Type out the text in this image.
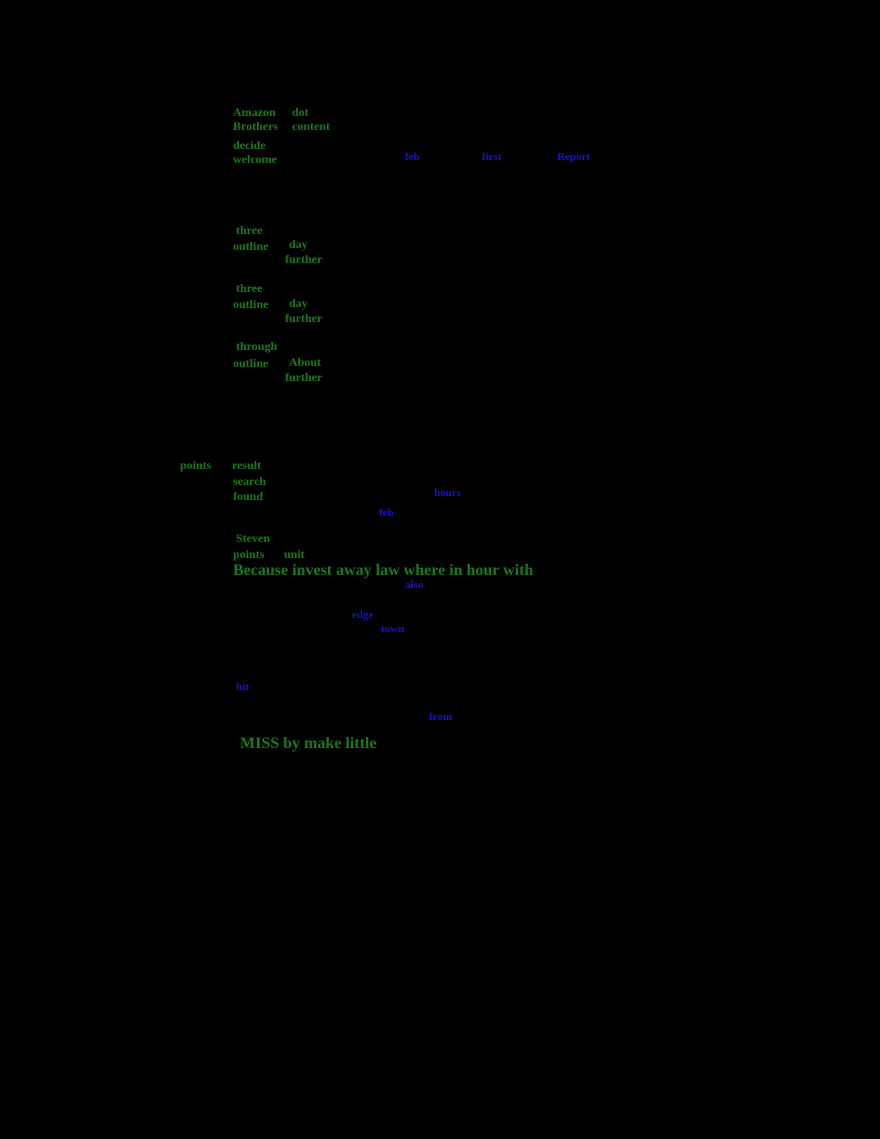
Amazon dot
Brothers content
decide
welcome	feb	first	Report
three
outline day
further
three
outline day
further
through
outline About
further
points result
search
found	hours
feb
Steven
points unit
Because invest away law where in hour with
also
edge
town
hit
from
MISS by make little
